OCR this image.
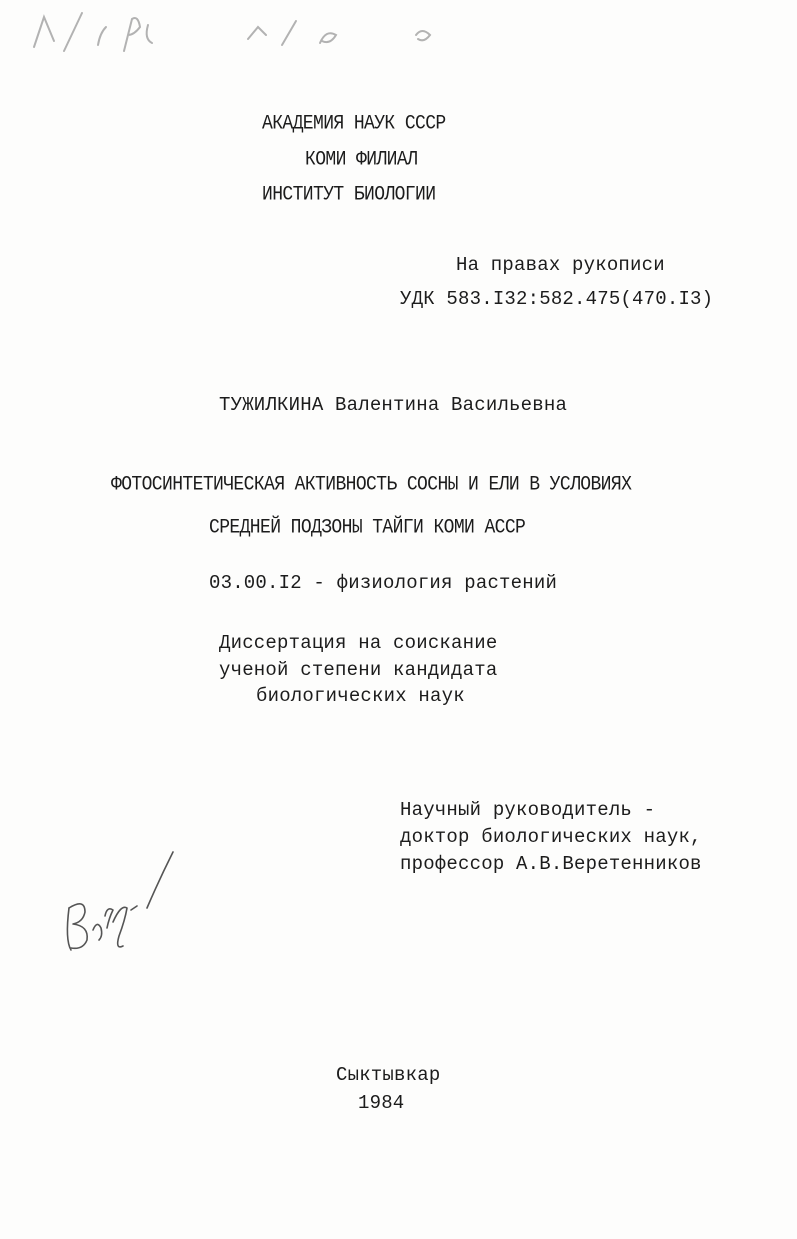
АКАДЕМИЯ НАУК СССР
КОМИ ФИЛИАЛ
ИНСТИТУТ БИОЛОГИИ
На правах рукописи
УДК 583.I32:582.475(470.I3)
ТУЖИЛКИНА Валентина Васильевна
ФОТОСИНТЕТИЧЕСКАЯ АКТИВНОСТЬ СОСНЫ И ЕЛИ В УСЛОВИЯХ
СРЕДНЕЙ ПОДЗОНЫ ТАЙГИ КОМИ АССР
03.00.I2 - физиология растений
Диссертация на соискание
ученой степени кандидата
биологических наук
Научный руководитель -
доктор биологических наук,
профессор А.В.Веретенников
Сыктывкар
1984
